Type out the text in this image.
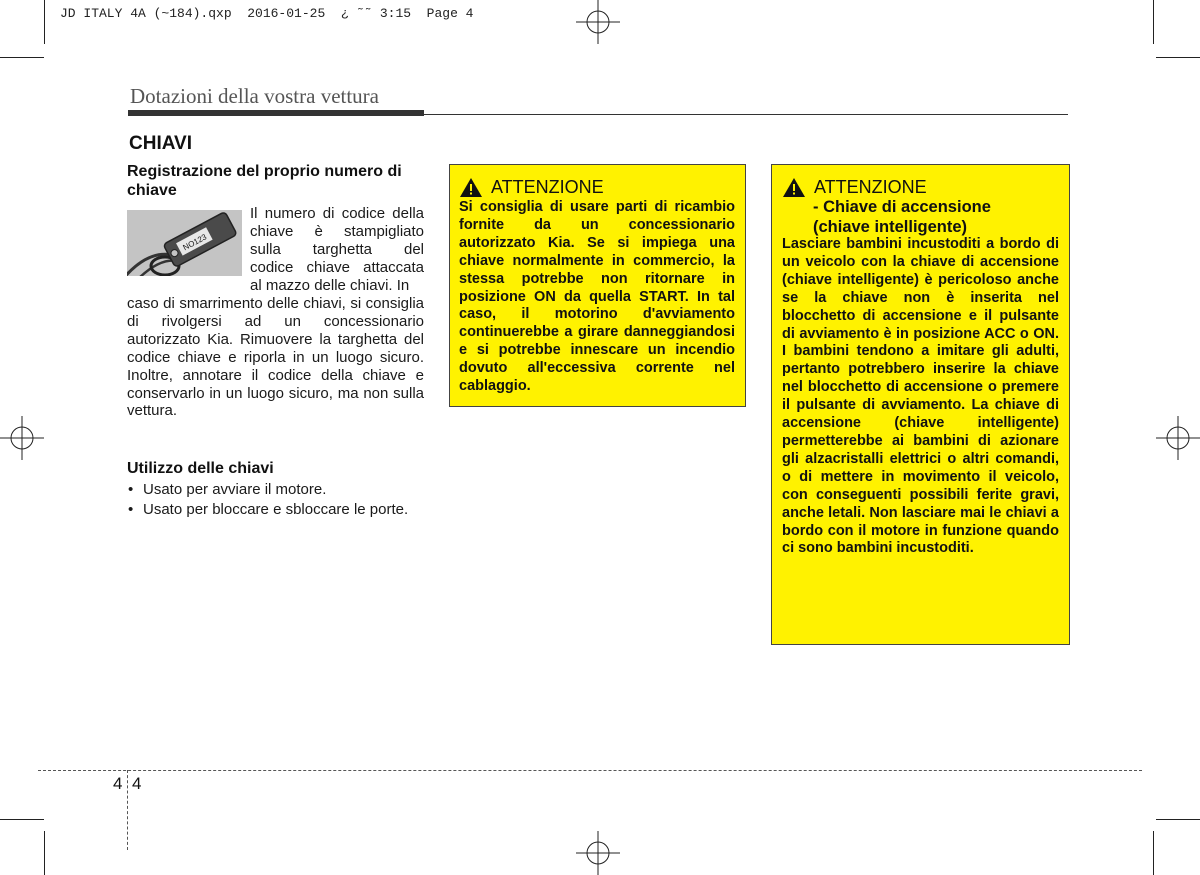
JD ITALY 4A (~184).qxp  2016-01-25  ¿ ˜˜ 3:15  Page 4
Dotazioni della vostra vettura
CHIAVI
Registrazione del proprio numero di chiave
NO123
Il numero di codice della
chiave è stampigliato
sulla targhetta del
codice chiave attaccata
al mazzo delle chiavi. In
caso di smarrimento delle chiavi, si consiglia di rivolgersi ad un concessionario autorizzato Kia. Rimuovere la targhetta del codice chiave e riporla in un luogo sicuro. Inoltre, annotare il codice della chiave e conservarlo in un luogo sicuro, ma non sulla vettura.
Utilizzo delle chiavi
• Usato per avviare il motore.
• Usato per bloccare e sbloccare le porte.
ATTENZIONE
Si consiglia di usare parti di ricambio fornite da un concessionario autorizzato Kia. Se si impiega una chiave normalmente in commercio, la stessa potrebbe non ritornare in posizione ON da quella START. In tal caso, il motorino d'avviamento continuerebbe a girare danneggiandosi e si potrebbe innescare un incendio dovuto all'eccessiva corrente nel cablaggio.
ATTENZIONE
- Chiave di accensione
(chiave intelligente)
Lasciare bambini incustoditi a bordo di un veicolo con la chiave di accensione (chiave intelligente) è pericoloso anche se la chiave non è inserita nel blocchetto di accensione e il pulsante di avviamento è in posizione ACC o ON. I bambini tendono a imitare gli adulti, pertanto potrebbero inserire la chiave nel blocchetto di accensione o premere il pulsante di avviamento. La chiave di accensione (chiave intelligente) permetterebbe ai bambini di azionare gli alzacristalli elettrici o altri comandi, o di mettere in movimento il veicolo, con conseguenti possibili ferite gravi, anche letali. Non lasciare mai le chiavi a bordo con il motore in funzione quando ci sono bambini incustoditi.
4 4
